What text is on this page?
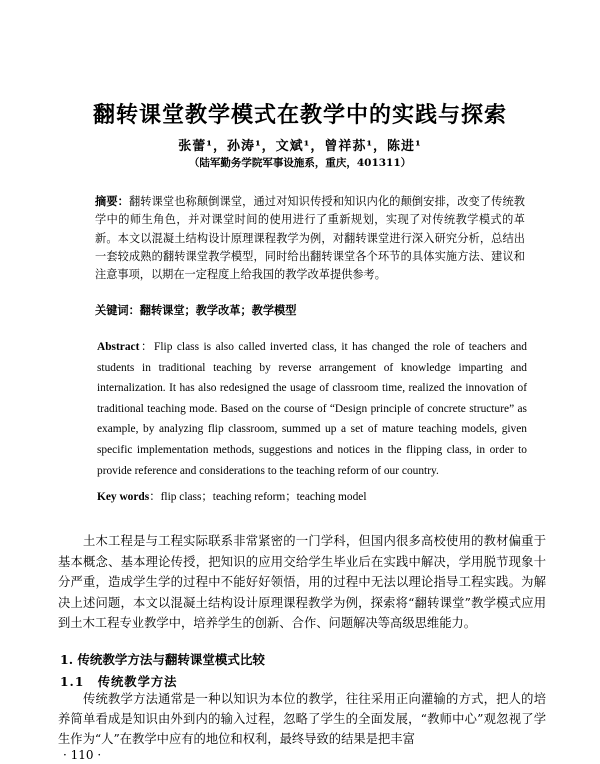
翻转课堂教学模式在教学中的实践与探索
张蕾¹，孙涛¹，文斌¹，曾祥荪¹，陈进¹
（陆军勤务学院军事设施系，重庆，401311）
摘要：翻转课堂也称颠倒课堂，通过对知识传授和知识内化的颠倒安排，改变了传统教学中的师生角色，并对课堂时间的使用进行了重新规划，实现了对传统教学模式的革新。本文以混凝土结构设计原理课程教学为例，对翻转课堂进行深入研究分析，总结出一套较成熟的翻转课堂教学模型，同时给出翻转课堂各个环节的具体实施方法、建议和注意事项，以期在一定程度上给我国的教学改革提供参考。
关键词：翻转课堂；教学改革；教学模型
Abstract：Flip class is also called inverted class, it has changed the role of teachers and students in traditional teaching by reverse arrangement of knowledge imparting and internalization. It has also redesigned the usage of classroom time, realized the innovation of traditional teaching mode. Based on the course of “Design principle of concrete structure” as example, by analyzing flip classroom, summed up a set of mature teaching models, given specific implementation methods, suggestions and notices in the flipping class, in order to provide reference and considerations to the teaching reform of our country.
Key words：flip class；teaching reform；teaching model
土木工程是与工程实际联系非常紧密的一门学科，但国内很多高校使用的教材偏重于基本概念、基本理论传授，把知识的应用交给学生毕业后在实践中解决，学用脱节现象十分严重，造成学生学的过程中不能好好领悟，用的过程中无法以理论指导工程实践。为解决上述问题，本文以混凝土结构设计原理课程教学为例，探索将“翻转课堂”教学模式应用到土木工程专业教学中，培养学生的创新、合作、问题解决等高级思维能力。
1. 传统教学方法与翻转课堂模式比较
1.1　传统教学方法
传统教学方法通常是一种以知识为本位的教学，往往采用正向灌输的方式，把人的培养简单看成是知识由外到内的输入过程，忽略了学生的全面发展，“教师中心”观忽视了学生作为“人”在教学中应有的地位和权利，最终导致的结果是把丰富
· 110 ·
